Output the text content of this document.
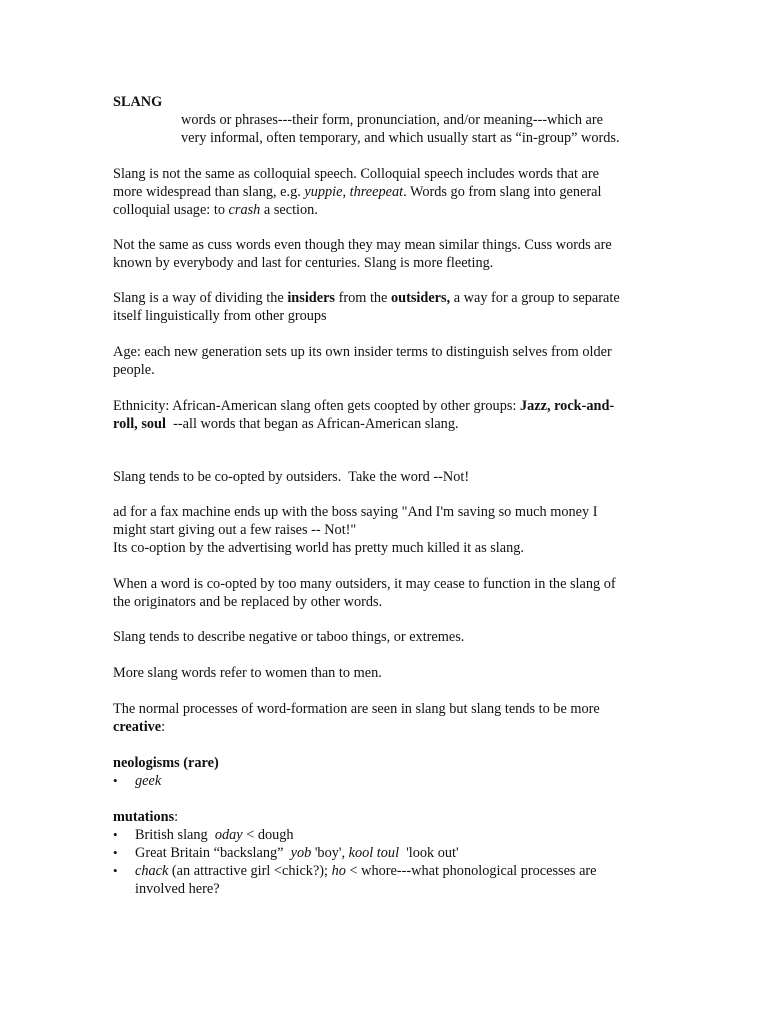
SLANG

words or phrases---their form, pronunciation, and/or meaning---which are

very informal, often temporary, and which usually start as “in-group” words.

Slang is not the same as colloquial speech. Colloquial speech includes words that are

more widespread than slang, e.g. yuppie, threepeat. Words go from slang into general

colloquial usage: to crash a section.

Not the same as cuss words even though they may mean similar things. Cuss words are

known by everybody and last for centuries. Slang is more fleeting.

Slang is a way of dividing the insiders from the outsiders, a way for a group to separate

itself linguistically from other groups

Age: each new generation sets up its own insider terms to distinguish selves from older

people.

Ethnicity: African-American slang often gets coopted by other groups: Jazz, rock-and-

roll, soul  --all words that began as African-American slang.

Slang tends to be co-opted by outsiders.  Take the word --Not!

ad for a fax machine ends up with the boss saying "And I'm saving so much money I

might start giving out a few raises -- Not!"

Its co-option by the advertising world has pretty much killed it as slang.

When a word is co-opted by too many outsiders, it may cease to function in the slang of

the originators and be replaced by other words.

Slang tends to describe negative or taboo things, or extremes.

More slang words refer to women than to men.

The normal processes of word-formation are seen in slang but slang tends to be more

creative:

neologisms (rare)

•	geek

mutations:

•	British slang  oday < dough
•	Great Britain “backslang”  yob 'boy', kool toul  'look out'
•	chack (an attractive girl <chick?); ho < whore---what phonological processes are
involved here?
